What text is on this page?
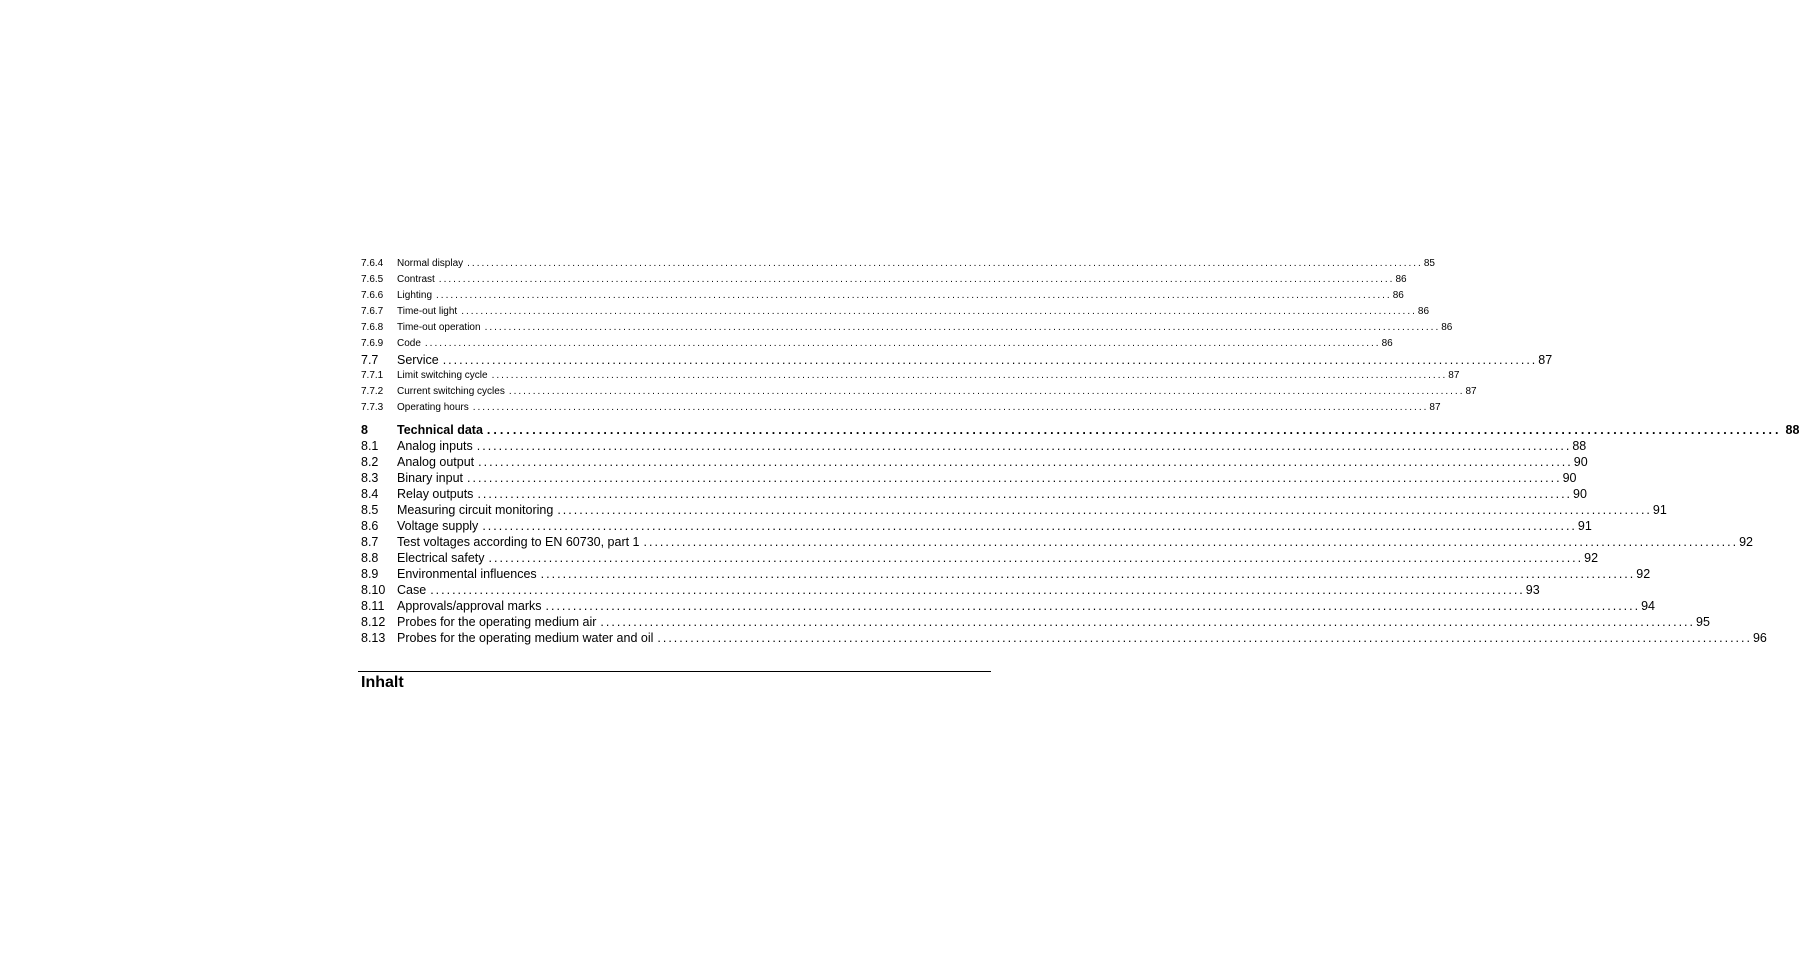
7.6.4	Normal display ........................................................................................................................................................................................................ 85
7.6.5	Contrast ........................................................................................................................................................................................................ 86
7.6.6	Lighting ........................................................................................................................................................................................................ 86
7.6.7	Time-out light ........................................................................................................................................................................................................ 86
7.6.8	Time-out operation ........................................................................................................................................................................................................ 86
7.6.9	Code ........................................................................................................................................................................................................ 86
7.7	Service ........................................................................................................................................................................................................ 87
7.7.1	Limit switching cycle ........................................................................................................................................................................................................ 87
7.7.2	Current switching cycles ........................................................................................................................................................................................................ 87
7.7.3	Operating hours ........................................................................................................................................................................................................ 87
8	Technical data ........................................................................................................................................................................................................ 88
8.1	Analog inputs ........................................................................................................................................................................................................ 88
8.2	Analog output ........................................................................................................................................................................................................ 90
8.3	Binary input ........................................................................................................................................................................................................ 90
8.4	Relay outputs ........................................................................................................................................................................................................ 90
8.5	Measuring circuit monitoring ........................................................................................................................................................................................................ 91
8.6	Voltage supply ........................................................................................................................................................................................................ 91
8.7	Test voltages according to EN 60730, part 1 ........................................................................................................................................................................................................ 92
8.8	Electrical safety ........................................................................................................................................................................................................ 92
8.9	Environmental influences ........................................................................................................................................................................................................ 92
8.10 Case ........................................................................................................................................................................................................ 93
8.11	Approvals/approval marks ........................................................................................................................................................................................................ 94
8.12 Probes for the operating medium air ........................................................................................................................................................................................................ 95
8.13 Probes for the operating medium water and oil ........................................................................................................................................................................................................ 96
Inhalt
